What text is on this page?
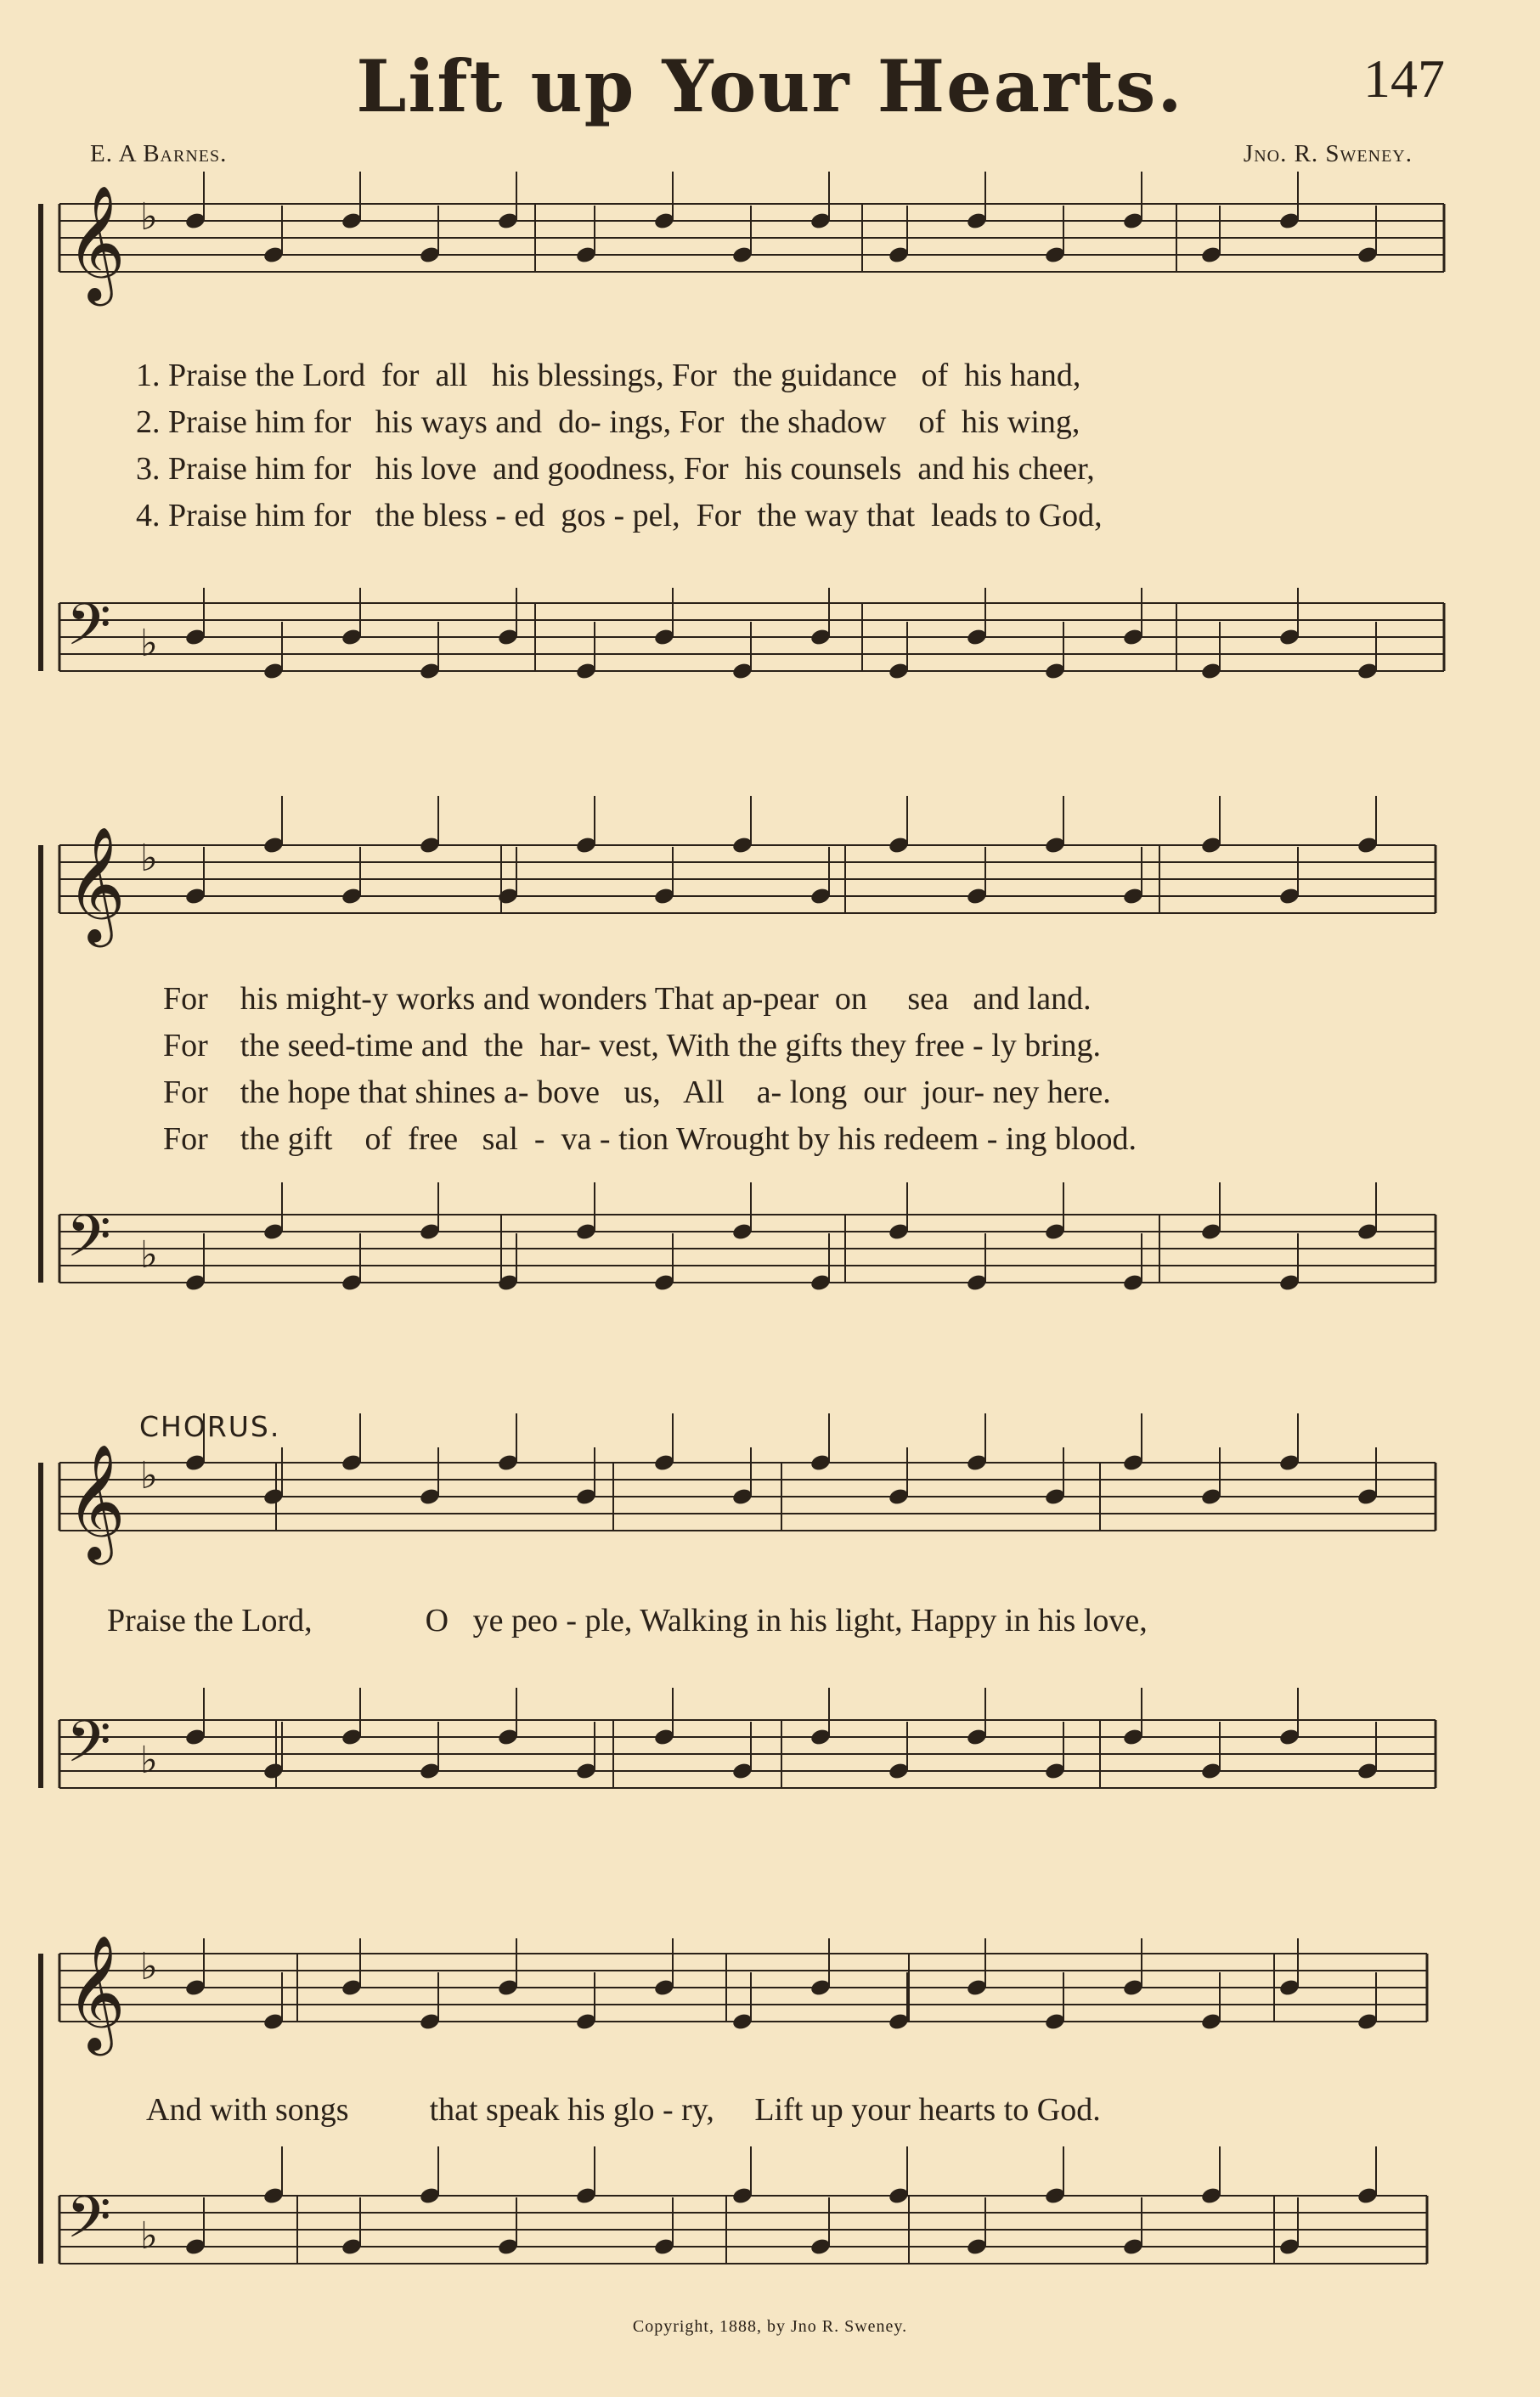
Lift up Your Hearts.	147
E. A Barnes.	Jno. R. Sweney.
𝄞 ♭
𝄢 ♭
𝄞 ♭
𝄢 ♭
𝄞 ♭
𝄢 ♭
𝄞 ♭
𝄢 ♭
1. Praise the Lord  for  all   his blessings, For  the guidance   of  his hand,
2. Praise him for   his ways and  do- ings, For  the shadow    of  his wing,
3. Praise him for   his love  and goodness, For  his counsels  and his cheer,
4. Praise him for   the bless - ed  gos - pel,  For  the way that  leads to God,
For    his might-y works and wonders That ap-pear  on     sea   and land.
For    the seed-time and  the  har- vest, With the gifts they free - ly bring.
For    the hope that shines a- bove   us,   All    a- long  our  jour- ney here.
For    the gift    of  free   sal  -  va - tion Wrought by his redeem - ing blood.
CHORUS.
Praise the Lord,              O   ye peo - ple, Walking in his light, Happy in his love,
And with songs          that speak his glo - ry,     Lift up your hearts to God.
Copyright, 1888, by Jno R. Sweney.
